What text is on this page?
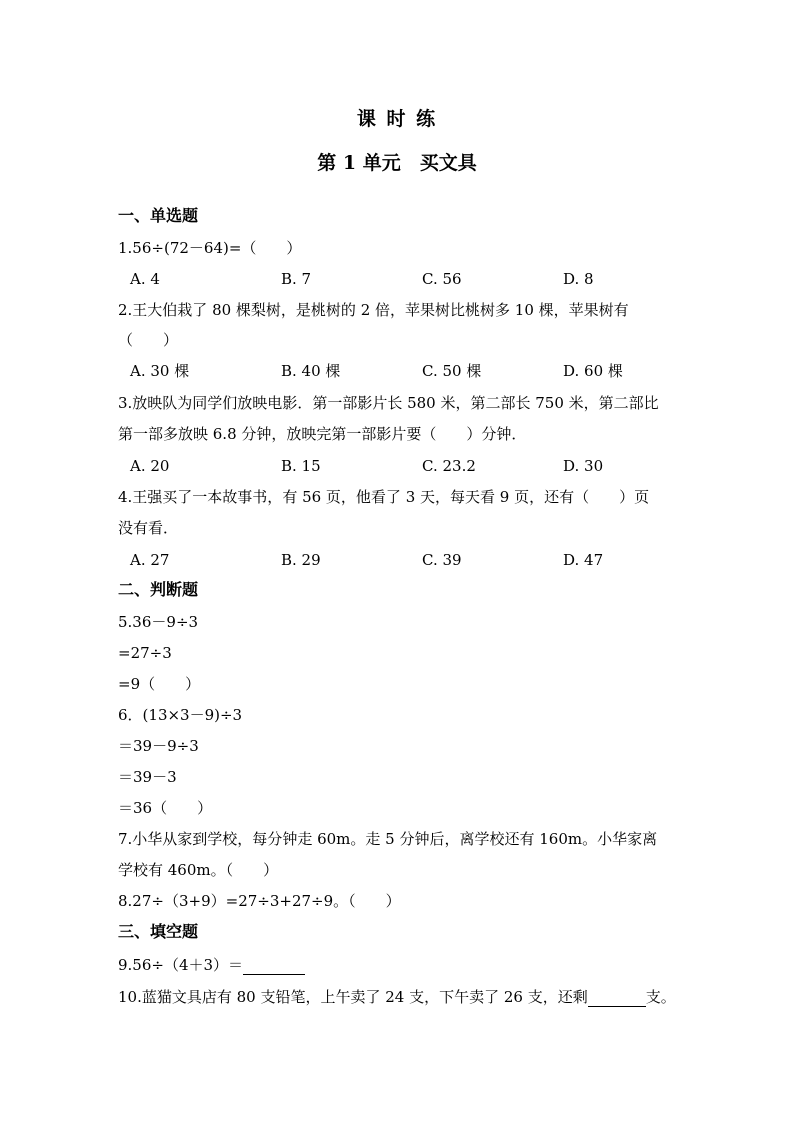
课 时 练
第 1 单元　买文具
一、单选题
1.56÷(72－64)=（　　）
A. 4	B. 7	C. 56	D. 8
2.王大伯栽了 80 棵梨树，是桃树的 2 倍，苹果树比桃树多 10 棵，苹果树有
（　　）
A. 30 棵	B. 40 棵	C. 50 棵	D. 60 棵
3.放映队为同学们放映电影．第一部影片长 580 米，第二部长 750 米，第二部比
第一部多放映 6.8 分钟，放映完第一部影片要（　　）分钟．
A. 20	B. 15	C. 23.2	D. 30
4.王强买了一本故事书，有 56 页，他看了 3 天，每天看 9 页，还有（　　）页
没有看．
A. 27	B. 29	C. 39	D. 47
二、判断题
5.36－9÷3
=27÷3
=9（　　）
6．(13×3－9)÷3
＝39－9÷3
＝39－3
＝36（　　）
7.小华从家到学校，每分钟走 60m。走 5 分钟后，离学校还有 160m。小华家离
学校有 460m。（　　）
8.27÷（3+9）=27÷3+27÷9。（　　）
三、填空题
9.56÷（4＋3）＝
10.蓝猫文具店有 80 支铅笔，上午卖了 24 支，下午卖了 26 支，还剩	支。
